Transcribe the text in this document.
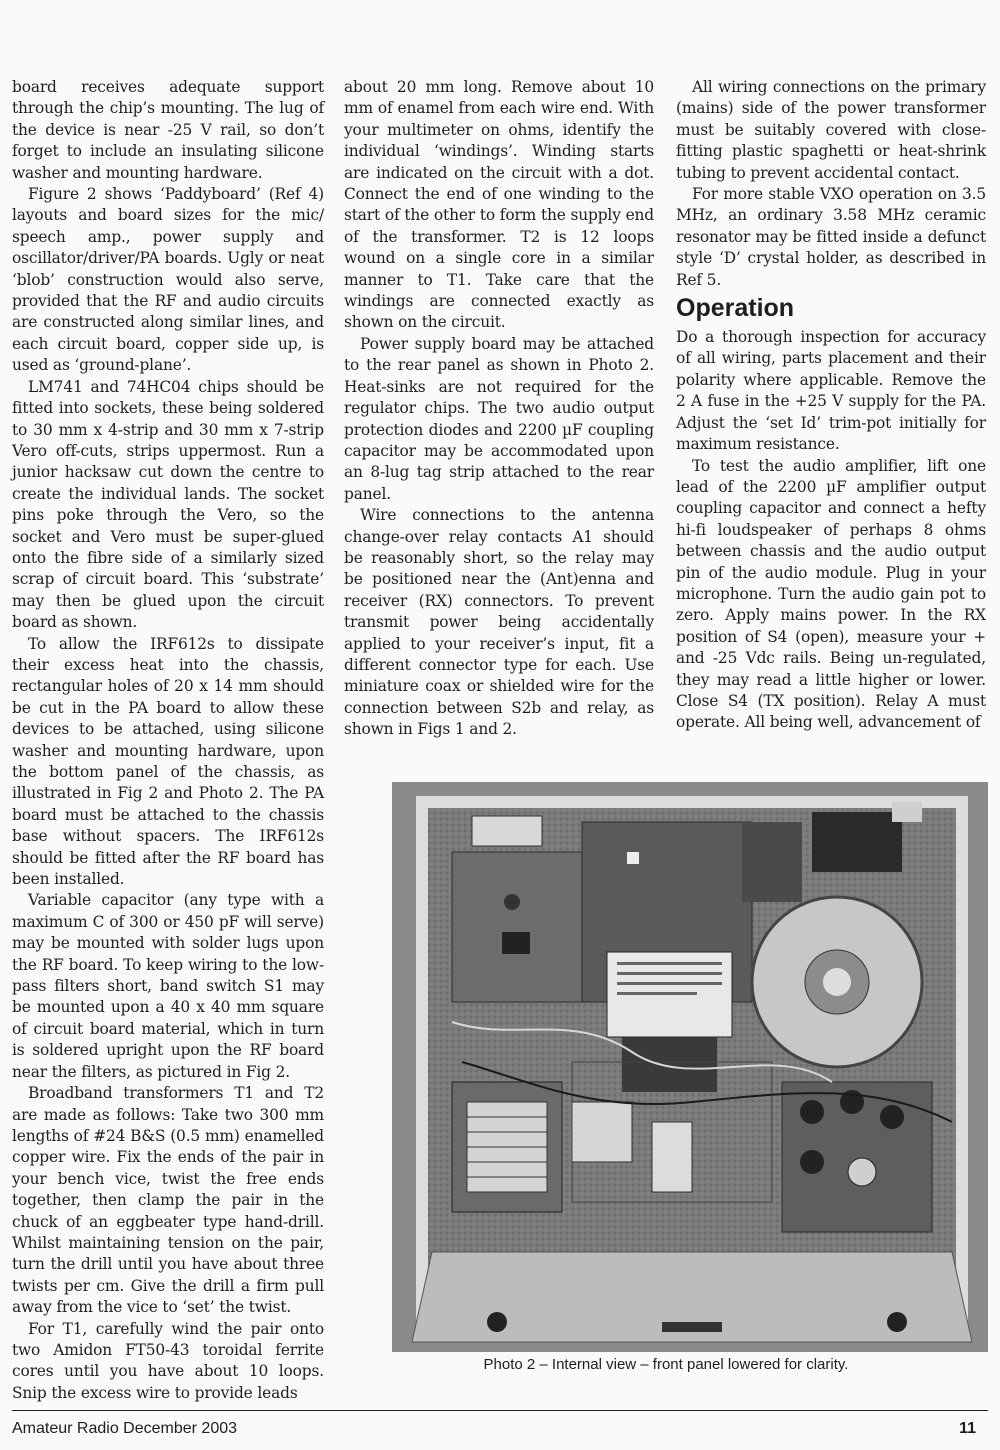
board receives adequate support through the chip’s mounting. The lug of the device is near -25 V rail, so don’t forget to include an insulating silicone washer and mounting hardware.

Figure 2 shows ‘Paddyboard’ (Ref 4) layouts and board sizes for the mic/ speech amp., power supply and oscillator/driver/PA boards. Ugly or neat ‘blob’ construction would also serve, provided that the RF and audio circuits are constructed along similar lines, and each circuit board, copper side up, is used as ‘ground-plane’.

LM741 and 74HC04 chips should be fitted into sockets, these being soldered to 30 mm x 4-strip and 30 mm x 7-strip Vero off-cuts, strips uppermost. Run a junior hacksaw cut down the centre to create the individual lands. The socket pins poke through the Vero, so the socket and Vero must be super-glued onto the fibre side of a similarly sized scrap of circuit board. This ‘substrate’ may then be glued upon the circuit board as shown.

To allow the IRF612s to dissipate their excess heat into the chassis, rectangular holes of 20 x 14 mm should be cut in the PA board to allow these devices to be attached, using silicone washer and mounting hardware, upon the bottom panel of the chassis, as illustrated in Fig 2 and Photo 2. The PA board must be attached to the chassis base without spacers. The IRF612s should be fitted after the RF board has been installed.

Variable capacitor (any type with a maximum C of 300 or 450 pF will serve) may be mounted with solder lugs upon the RF board. To keep wiring to the low-pass filters short, band switch S1 may be mounted upon a 40 x 40 mm square of circuit board material, which in turn is soldered upright upon the RF board near the filters, as pictured in Fig 2.

Broadband transformers T1 and T2 are made as follows: Take two 300 mm lengths of #24 B&S (0.5 mm) enamelled copper wire. Fix the ends of the pair in your bench vice, twist the free ends together, then clamp the pair in the chuck of an eggbeater type hand-drill. Whilst maintaining tension on the pair, turn the drill until you have about three twists per cm. Give the drill a firm pull away from the vice to ‘set’ the twist.

For T1, carefully wind the pair onto two Amidon FT50-43 toroidal ferrite cores until you have about 10 loops. Snip the excess wire to provide leads

about 20 mm long. Remove about 10 mm of enamel from each wire end. With your multimeter on ohms, identify the individual ‘windings’. Winding starts are indicated on the circuit with a dot. Connect the end of one winding to the start of the other to form the supply end of the transformer. T2 is 12 loops wound on a single core in a similar manner to T1. Take care that the windings are connected exactly as shown on the circuit.

Power supply board may be attached to the rear panel as shown in Photo 2. Heat-sinks are not required for the regulator chips. The two audio output protection diodes and 2200 µF coupling capacitor may be accommodated upon an 8-lug tag strip attached to the rear panel.

Wire connections to the antenna change-over relay contacts A1 should be reasonably short, so the relay may be positioned near the (Ant)enna and receiver (RX) connectors. To prevent transmit power being accidentally applied to your receiver’s input, fit a different connector type for each. Use miniature coax or shielded wire for the connection between S2b and relay, as shown in Figs 1 and 2.

All wiring connections on the primary (mains) side of the power transformer must be suitably covered with close-fitting plastic spaghetti or heat-shrink tubing to prevent accidental contact.

For more stable VXO operation on 3.5 MHz, an ordinary 3.58 MHz ceramic resonator may be fitted inside a defunct style ‘D’ crystal holder, as described in Ref 5.

Operation

Do a thorough inspection for accuracy of all wiring, parts placement and their polarity where applicable. Remove the 2 A fuse in the +25 V supply for the PA. Adjust the ‘set Id’ trim-pot initially for maximum resistance.

To test the audio amplifier, lift one lead of the 2200 µF amplifier output coupling capacitor and connect a hefty hi-fi loudspeaker of perhaps 8 ohms between chassis and the audio output pin of the audio module. Plug in your microphone. Turn the audio gain pot to zero. Apply mains power. In the RX position of S4 (open), measure your + and -25 Vdc rails. Being un-regulated, they may read a little higher or lower. Close S4 (TX position). Relay A must operate. All being well, advancement of

Photo 2 – Internal view – front panel lowered for clarity.
Amateur Radio December 2003	11
